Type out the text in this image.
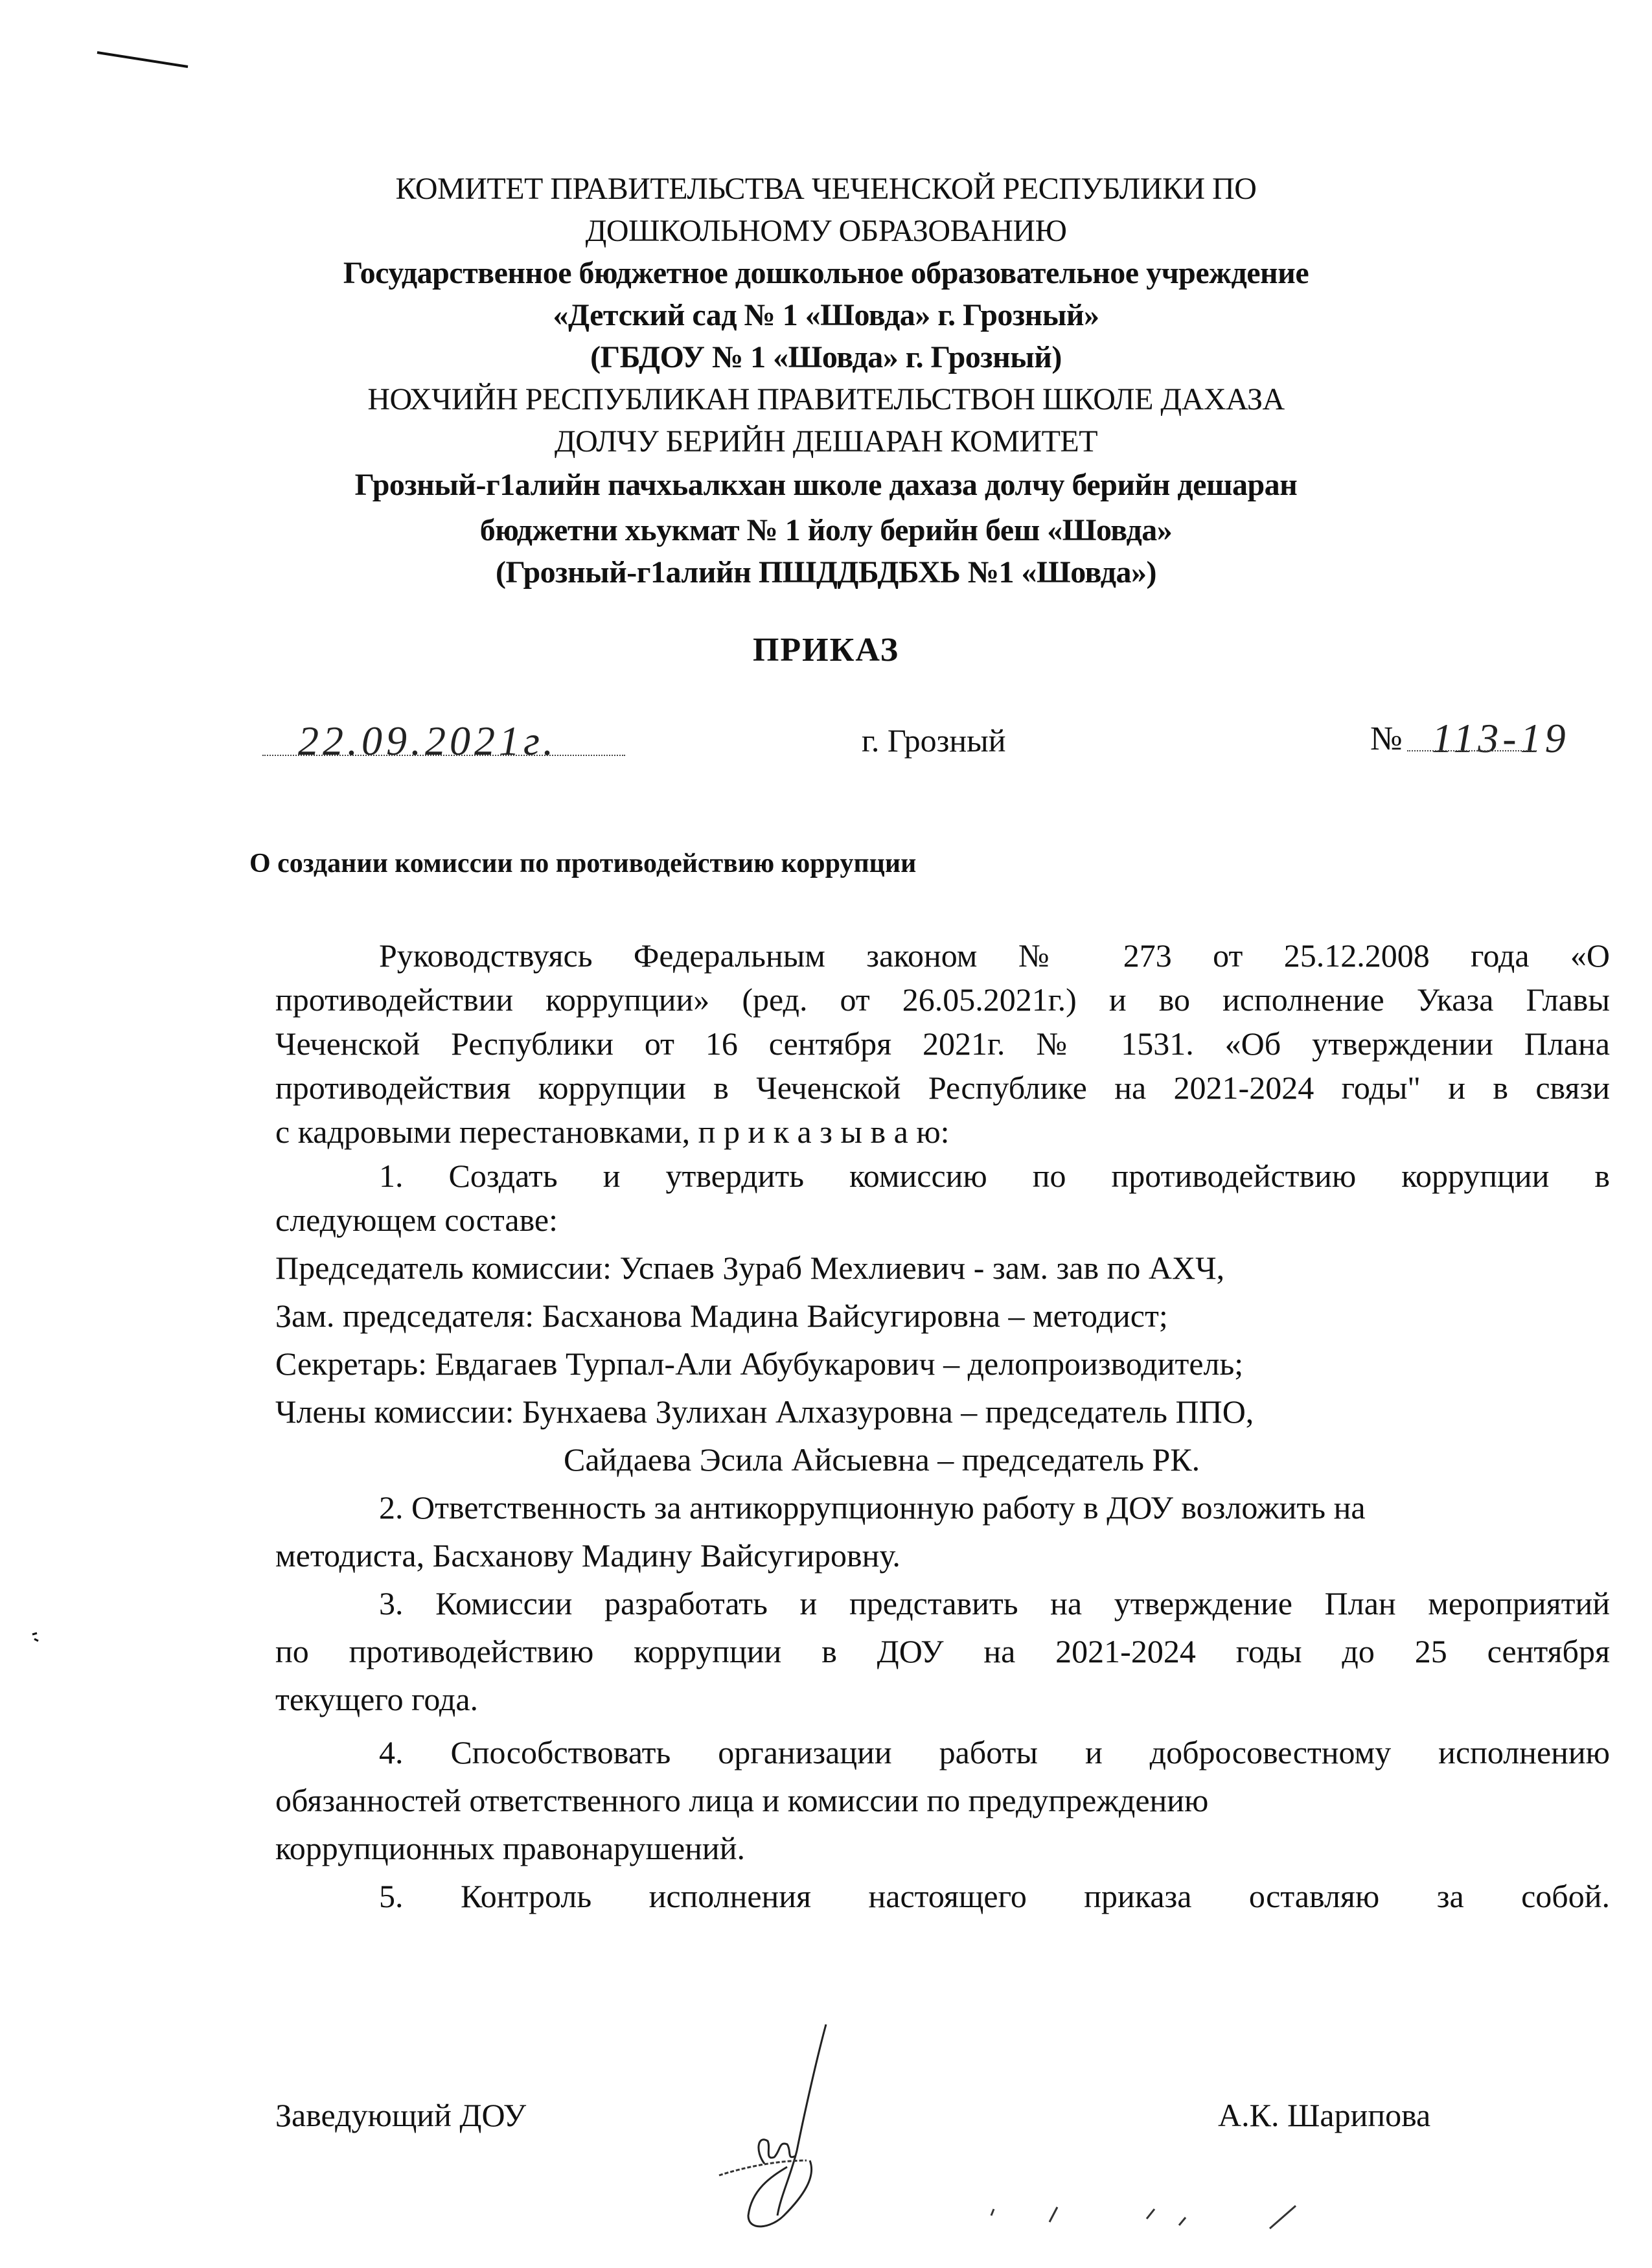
КОМИТЕТ ПРАВИТЕЛЬСТВА ЧЕЧЕНСКОЙ РЕСПУБЛИКИ ПО
ДОШКОЛЬНОМУ ОБРАЗОВАНИЮ
Государственное бюджетное дошкольное образовательное учреждение
«Детский сад № 1 «Шовда» г. Грозный»
(ГБДОУ № 1 «Шовда» г. Грозный)
НОХЧИЙН РЕСПУБЛИКАН ПРАВИТЕЛЬСТВОН ШКОЛЕ ДАХАЗА
ДОЛЧУ БЕРИЙН ДЕШАРАН КОМИТЕТ
Грозный-г1алийн пачхьалкхан школе дахаза долчу берийн дешаран
бюджетни хьукмат № 1 йолу берийн беш «Шовда»
(Грозный-г1алийн ПШДДБДБХЬ №1 «Шовда»)
ПРИКАЗ
22.09.2021г.	г. Грозный	№ 113-19
О создании комиссии по противодействию коррупции
Руководствуясь Федеральным законом № 273 от 25.12.2008 года «О
противодействии коррупции» (ред. от 26.05.2021г.) и во исполнение Указа Главы
Чеченской Республики от 16 сентября 2021г. № 1531. «Об утверждении Плана
противодействия коррупции в Чеченской Республике на 2021-2024 годы" и в связи
с кадровыми перестановками, п р и к а з ы в а ю:
1. Создать и утвердить комиссию по противодействию коррупции в
следующем составе:
Председатель комиссии: Успаев Зураб Мехлиевич - зам. зав по АХЧ,
Зам. председателя: Басханова Мадина Вайсугировна – методист;
Секретарь: Евдагаев Турпал-Али Абубукарович – делопроизводитель;
Члены комиссии: Бунхаева Зулихан Алхазуровна – председатель ППО,
Сайдаева Эсила Айсыевна – председатель РК.
2. Ответственность за антикоррупционную работу в ДОУ возложить на
методиста, Басханову Мадину Вайсугировну.
3. Комиссии разработать и представить на утверждение План мероприятий
по противодействию коррупции в ДОУ на 2021-2024 годы до 25 сентября
текущего года.
4. Способствовать организации работы и добросовестному исполнению
обязанностей ответственного лица и комиссии по предупреждению
коррупционных правонарушений.
5. Контроль исполнения настоящего приказа оставляю за собой.
Заведующий ДОУ	А.К. Шарипова
